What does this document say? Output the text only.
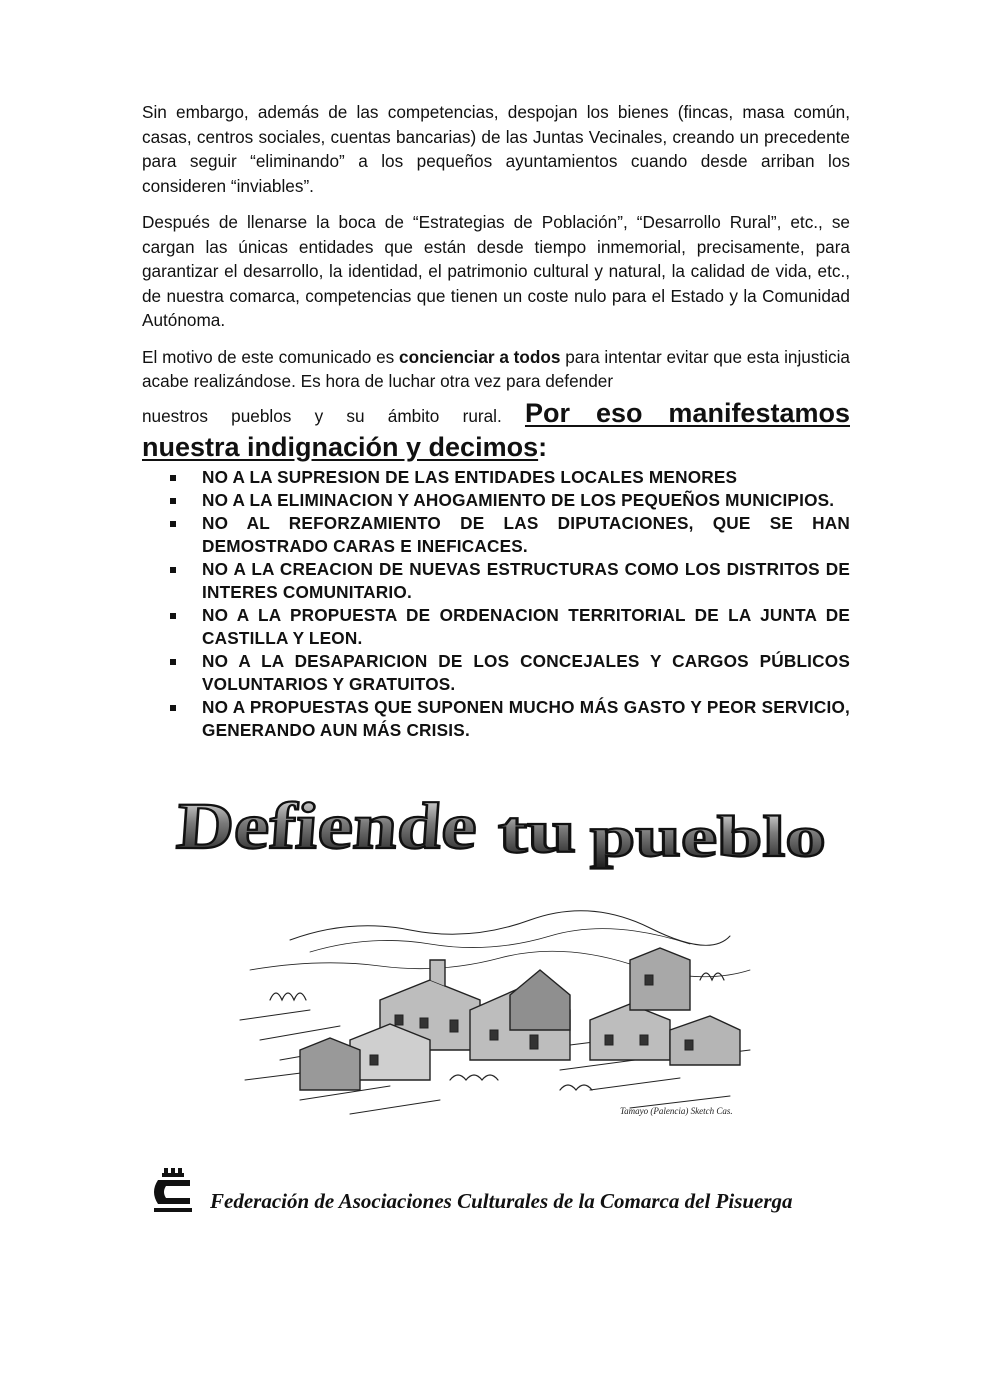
Sin embargo, además de las competencias, despojan los bienes (fincas, masa común, casas, centros sociales, cuentas bancarias) de las Juntas Vecinales, creando un precedente para seguir “eliminando” a los pequeños ayuntamientos cuando desde arriban los consideren “inviables”.

Después de llenarse la boca de “Estrategias de Población”, “Desarrollo Rural”, etc., se cargan las únicas entidades que están desde tiempo inmemorial, precisamente, para garantizar el desarrollo, la identidad, el patrimonio cultural y natural, la calidad de vida, etc., de nuestra comarca, competencias que tienen un coste nulo para el Estado y la Comunidad Autónoma.

El motivo de este comunicado es concienciar a todos para intentar evitar que esta injusticia acabe realizándose. Es hora de luchar otra vez para defender

nuestros pueblos y su ámbito rural. Por eso manifestamos

nuestra indignación y decimos:

NO A LA SUPRESION DE LAS ENTIDADES LOCALES MENORES
NO A LA ELIMINACION Y AHOGAMIENTO DE LOS PEQUEÑOS MUNICIPIOS.
NO AL REFORZAMIENTO DE LAS DIPUTACIONES, QUE SE HAN DEMOSTRADO CARAS E INEFICACES.
NO A LA CREACION DE NUEVAS ESTRUCTURAS COMO LOS DISTRITOS DE INTERES COMUNITARIO.
NO A LA PROPUESTA DE ORDENACION TERRITORIAL DE LA JUNTA DE CASTILLA Y LEON.
NO A LA DESAPARICION DE LOS CONCEJALES Y CARGOS PÚBLICOS VOLUNTARIOS Y GRATUITOS.
NO A PROPUESTAS QUE SUPONEN MUCHO MÁS GASTO Y PEOR SERVICIO, GENERANDO AUN MÁS CRISIS.
Defiende	tu pueblo
Tamayo (Palencia) Sketch Cas.
Federación de Asociaciones Culturales de la Comarca del Pisuerga
